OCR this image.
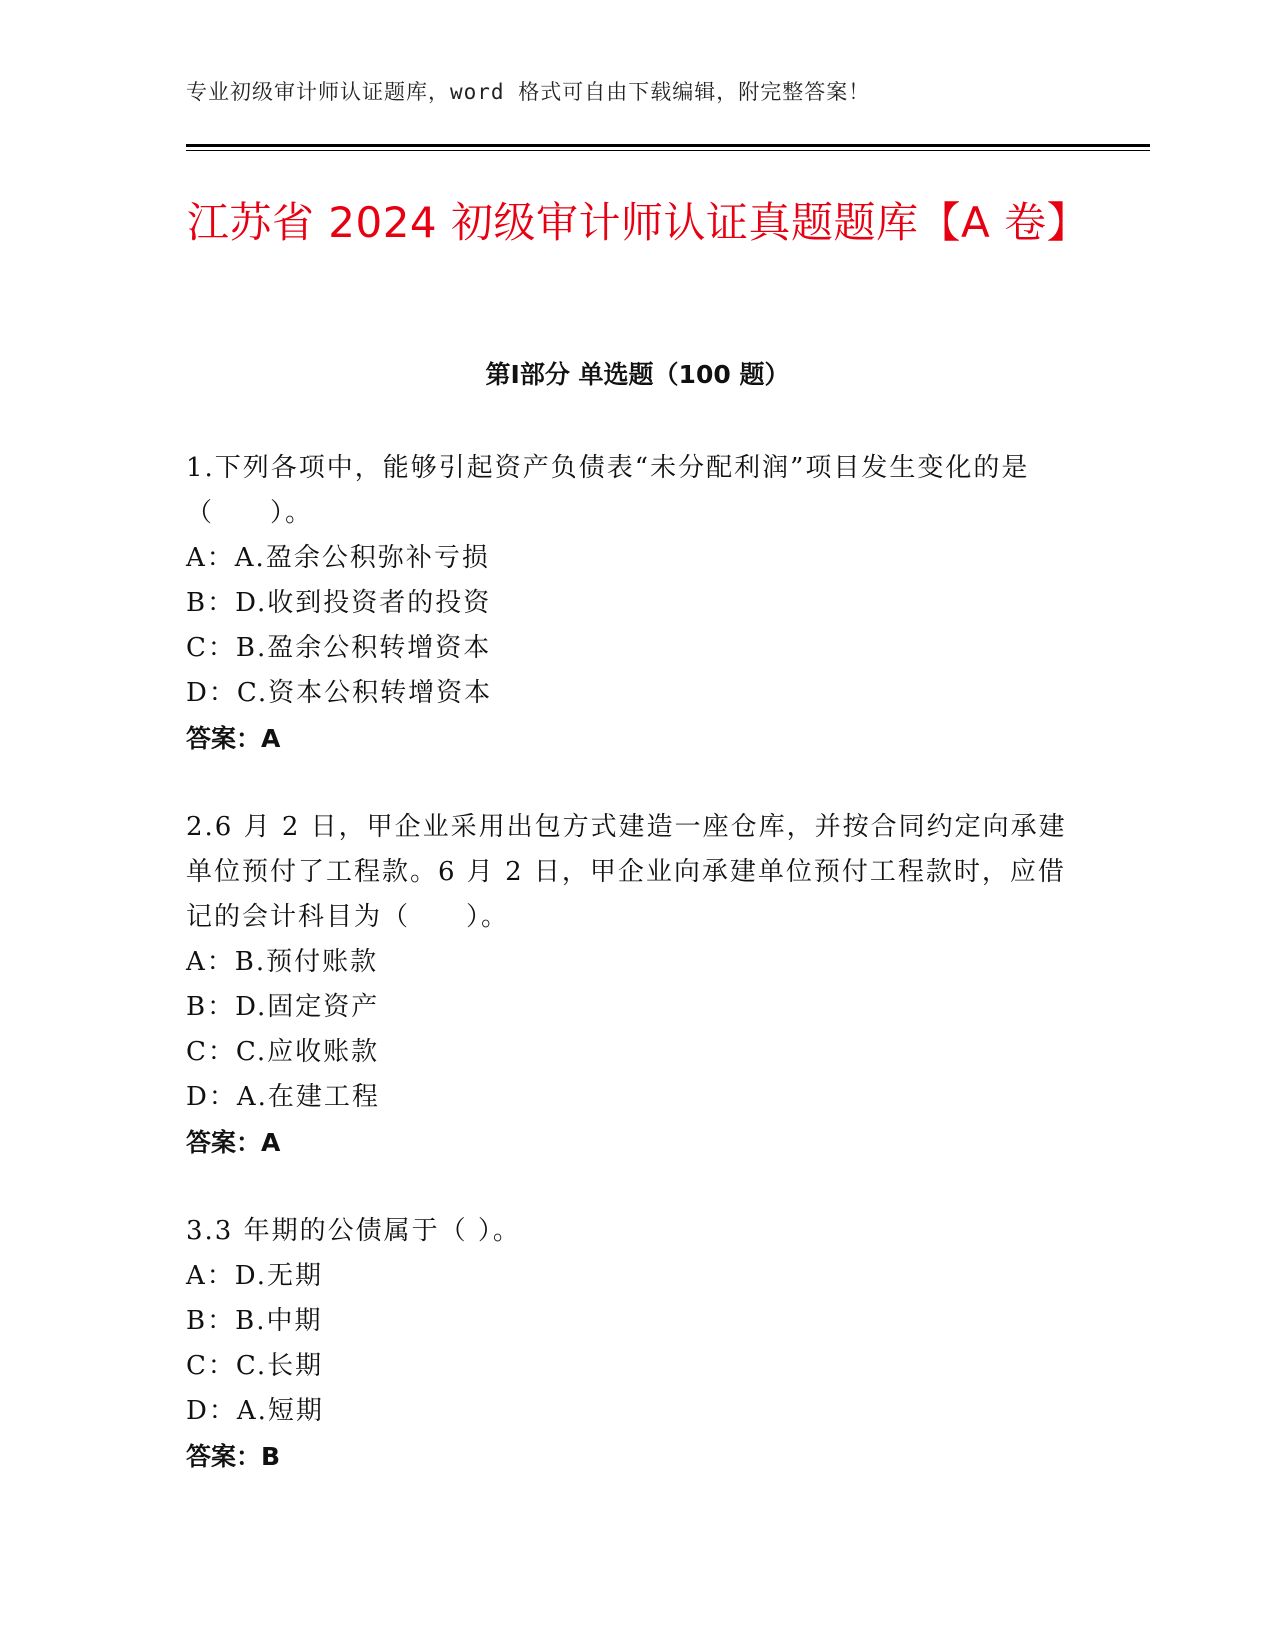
专业初级审计师认证题库，word 格式可自由下载编辑，附完整答案！
江苏省 2024 初级审计师认证真题题库【A 卷】
第Ⅰ部分 单选题（100 题）

1.下列各项中，能够引起资产负债表“未分配利润”项目发生变化的是（　　）。

A：A.盈余公积弥补亏损
B：D.收到投资者的投资
C：B.盈余公积转增资本
D：C.资本公积转增资本
答案：A

2.6 月 2 日，甲企业采用出包方式建造一座仓库，并按合同约定向承建单位预付了工程款。6 月 2 日，甲企业向承建单位预付工程款时，应借记的会计科目为（　　）。

A：B.预付账款
B：D.固定资产
C：C.应收账款
D：A.在建工程
答案：A

3.3 年期的公债属于（ ）。

A：D.无期
B：B.中期
C：C.长期
D：A.短期
答案：B
